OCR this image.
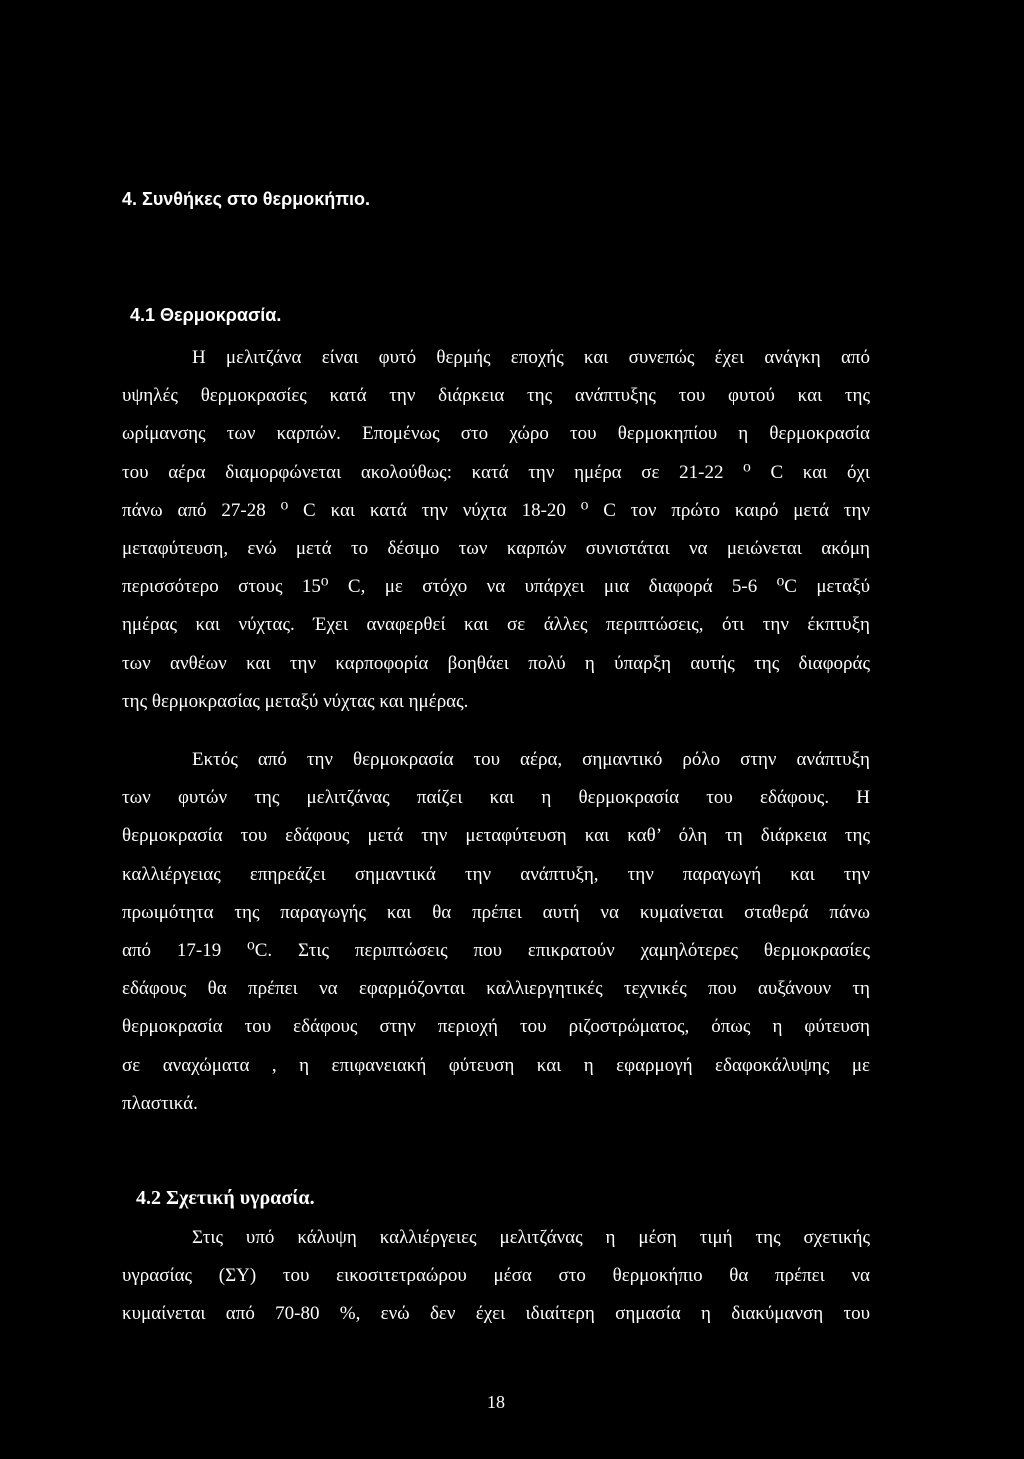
4. Συνθήκες στο θερμοκήπιο.
4.1 Θερμοκρασία.
Η μελιτζάνα είναι φυτό θερμής εποχής και συνεπώς έχει ανάγκη από
υψηλές θερμοκρασίες κατά την διάρκεια της ανάπτυξης του φυτού και της
ωρίμανσης των καρπών. Επομένως στο χώρο του θερμοκηπίου η θερμοκρασία
του αέρα διαμορφώνεται ακολούθως: κατά την ημέρα σε 21-22 ⁰ C και όχι
πάνω από 27-28 ⁰ C και κατά την νύχτα 18-20 ⁰ C τον πρώτο καιρό μετά την
μεταφύτευση, ενώ μετά το δέσιμο των καρπών συνιστάται να μειώνεται ακόμη
περισσότερο στους 15⁰ C, με στόχο να υπάρχει μια διαφορά 5-6 ⁰C μεταξύ
ημέρας και νύχτας. Έχει αναφερθεί και σε άλλες περιπτώσεις, ότι την έκπτυξη
των ανθέων και την καρποφορία βοηθάει πολύ η ύπαρξη αυτής της διαφοράς
της θερμοκρασίας μεταξύ νύχτας και ημέρας.
Εκτός από την θερμοκρασία του αέρα, σημαντικό ρόλο στην ανάπτυξη
των φυτών της μελιτζάνας παίζει και η θερμοκρασία του εδάφους. Η
θερμοκρασία του εδάφους μετά την μεταφύτευση και καθ’ όλη τη διάρκεια της
καλλιέργειας επηρεάζει σημαντικά την ανάπτυξη, την παραγωγή και την
πρωιμότητα της παραγωγής και θα πρέπει αυτή να κυμαίνεται σταθερά πάνω
από 17-19 ⁰C. Στις περιπτώσεις που επικρατούν χαμηλότερες θερμοκρασίες
εδάφους θα πρέπει να εφαρμόζονται καλλιεργητικές τεχνικές που αυξάνουν τη
θερμοκρασία του εδάφους στην περιοχή του ριζοστρώματος, όπως η φύτευση
σε αναχώματα , η επιφανειακή φύτευση και η εφαρμογή εδαφοκάλυψης με
πλαστικά.
4.2 Σχετική υγρασία.
Στις υπό κάλυψη καλλιέργειες μελιτζάνας η μέση τιμή της σχετικής
υγρασίας (ΣΥ) του εικοσιτετραώρου μέσα στο θερμοκήπιο θα πρέπει να
κυμαίνεται από 70-80 %, ενώ δεν έχει ιδιαίτερη σημασία η διακύμανση του
18
